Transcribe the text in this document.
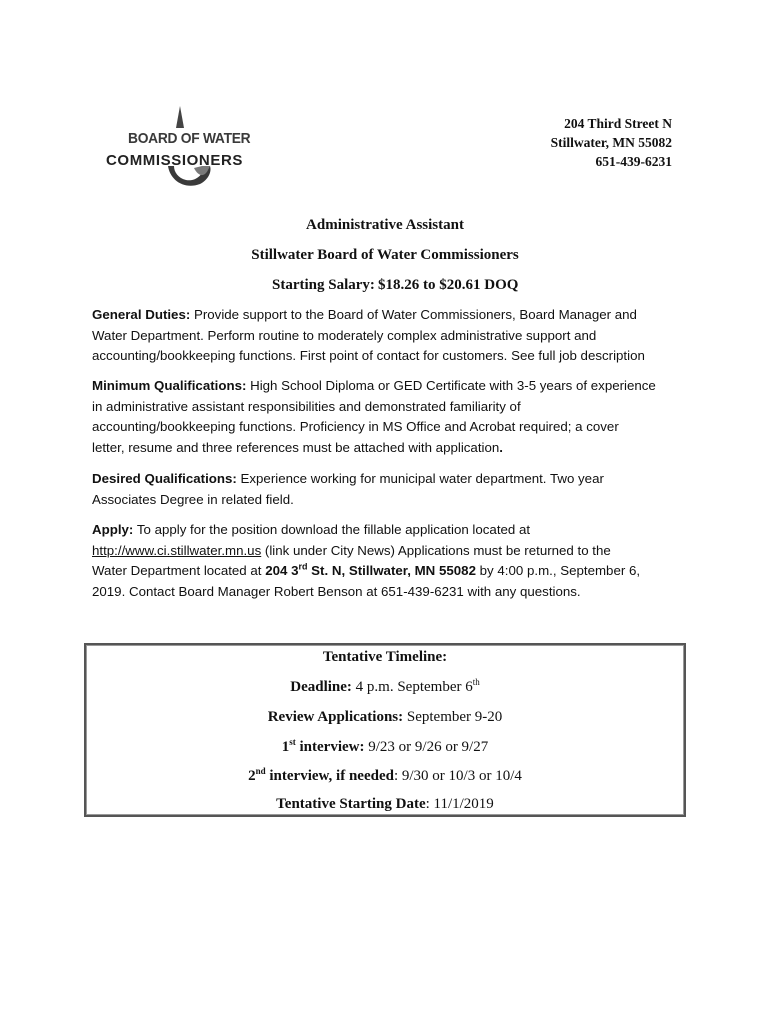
BOARD OF WATER
COMMISSIONERS
204 Third Street N
Stillwater, MN 55082
651-439-6231
Administrative Assistant
Stillwater Board of Water Commissioners
Starting Salary: $18.26 to $20.61 DOQ
General Duties: Provide support to the Board of Water Commissioners, Board Manager and
Water Department. Perform routine to moderately complex administrative support and
accounting/bookkeeping functions. First point of contact for customers. See full job description
Minimum Qualifications: High School Diploma or GED Certificate with 3-5 years of experience
in administrative assistant responsibilities and demonstrated familiarity of
accounting/bookkeeping functions. Proficiency in MS Office and Acrobat required; a cover
letter, resume and three references must be attached with application.
Desired Qualifications: Experience working for municipal water department. Two year
Associates Degree in related field.
Apply: To apply for the position download the fillable application located at
http://www.ci.stillwater.mn.us (link under City News) Applications must be returned to the
Water Department located at 204 3rd St. N, Stillwater, MN 55082 by 4:00 p.m., September 6,
2019. Contact Board Manager Robert Benson at 651-439-6231 with any questions.
Tentative Timeline:
Deadline: 4 p.m. September 6th
Review Applications: September 9-20
1st interview: 9/23 or 9/26 or 9/27
2nd interview, if needed: 9/30 or 10/3 or 10/4
Tentative Starting Date: 11/1/2019
